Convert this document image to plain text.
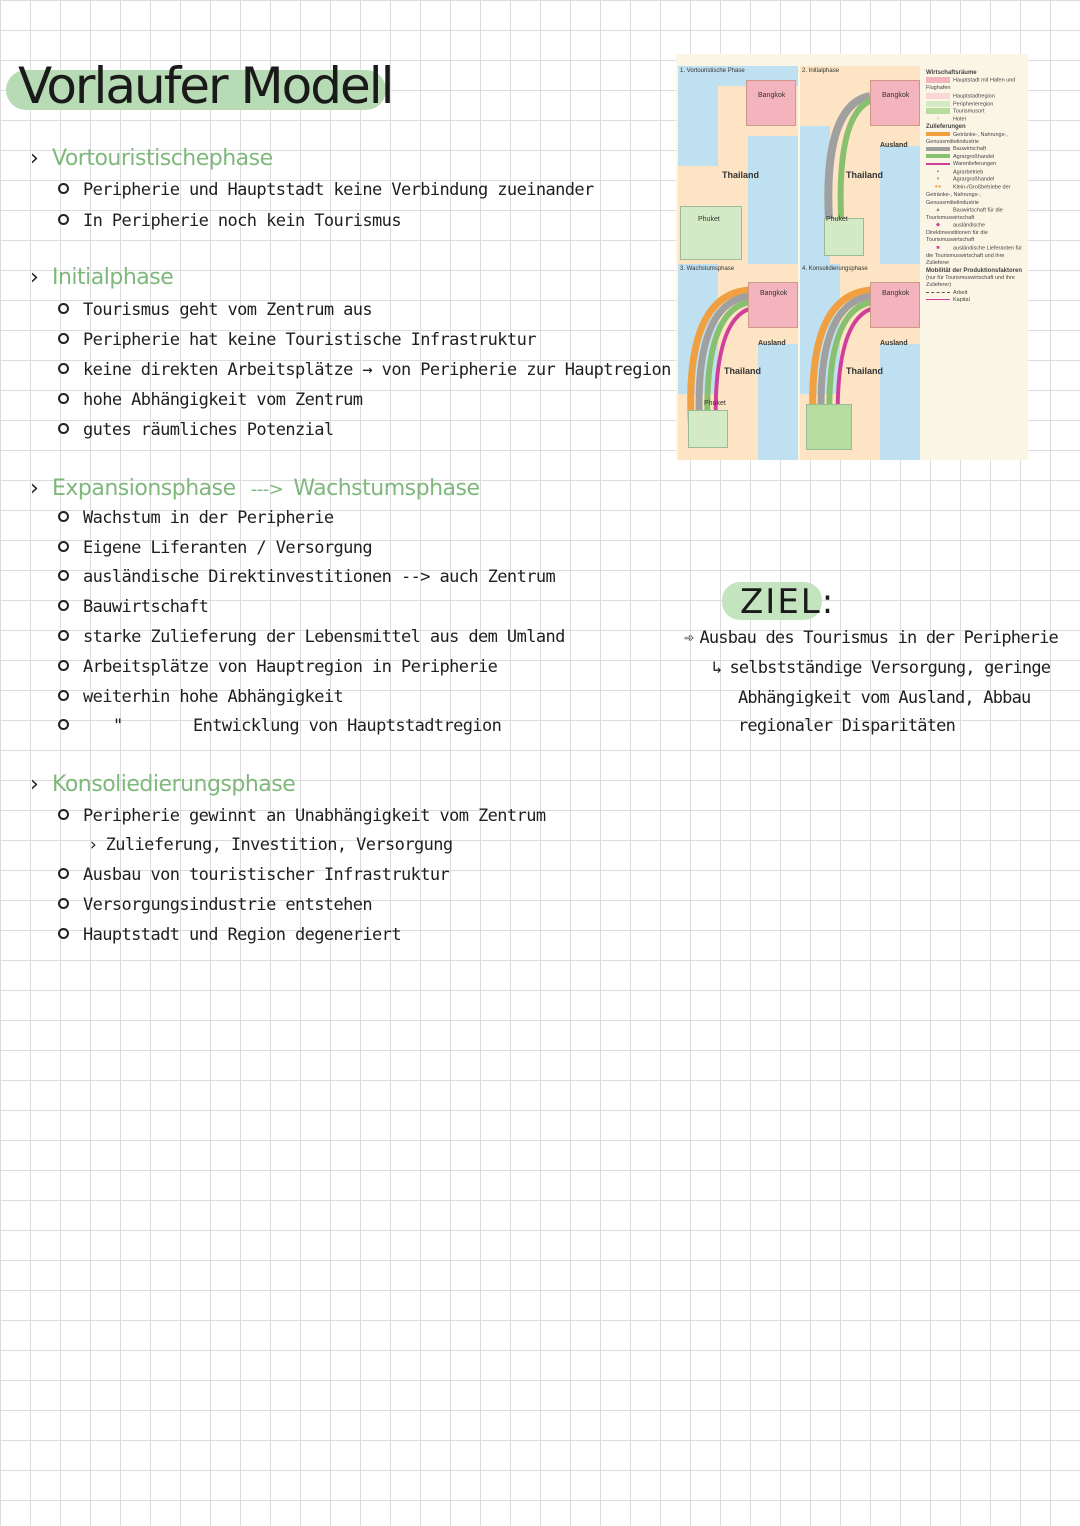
Vorlaufer Modell
› Vortouristischephase
Peripherie und Hauptstadt keine Verbindung zueinander
In Peripherie noch kein Tourismus
› Initialphase
Tourismus geht vom Zentrum aus
Peripherie hat keine Touristische Infrastruktur
keine direkten Arbeitsplätze → von Peripherie zur Hauptregion
hohe Abhängigkeit vom Zentrum
gutes räumliches Potenzial
› Expansionsphase ---> Wachstumsphase
Wachstum in der Peripherie
Eigene Liferanten / Versorgung
ausländische Direktinvestitionen --> auch Zentrum
Bauwirtschaft
starke Zulieferung der Lebensmittel aus dem Umland
Arbeitsplätze von Hauptregion in Peripherie
weiterhin hohe Abhängigkeit
"	Entwicklung von Hauptstadtregion
› Konsoliedierungsphase
Peripherie gewinnt an Unabhängigkeit vom Zentrum
› Zulieferung, Investition, Versorgung
Ausbau von touristischer Infrastruktur
Versorgungsindustrie entstehen
Hauptstadt und Region degeneriert
1. Vortouristische Phase
Bangkok
Thailand
Phuket
2. Initialphase
Bangkok
Ausland
Thailand
Phuket
3. Wachstumsphase
Bangkok
Ausland
Thailand
Phuket
4. Konsolidierungsphase
Bangkok
Ausland
Thailand
Wirtschaftsräume
Hauptstadt mit Hafen und Flughafen
Hauptstadtregion
Peripherieregion
Tourismusort
○ Hotel
Zulieferungen
Getränke-, Nahrungs-, Genussmittelindustrie
Bauwirtschaft
Agrargroßhandel
Warenlieferungen
•	Agrarbetrieb
● Agrargroßhandel
●● Klein-/Großbetriebe der Getränke-, Nahrungs-, Genussmittelindustrie
▲ Bauwirtschaft für die Tourismuswirtschaft
◆ ausländische Direktinvestitionen für die Tourismuswirtschaft
■ ausländische Lieferanten für die Tourismuswirtschaft und ihre Zulieferer
Mobilität der Produktionsfaktoren
(nur für Tourismuswirtschaft und ihre Zulieferer)
Arbeit
Kapital
ZIEL:
➾ Ausbau des Tourismus in der Peripherie
↳ selbstständige Versorgung, geringe
Abhängigkeit vom Ausland, Abbau
regionaler Disparitäten
